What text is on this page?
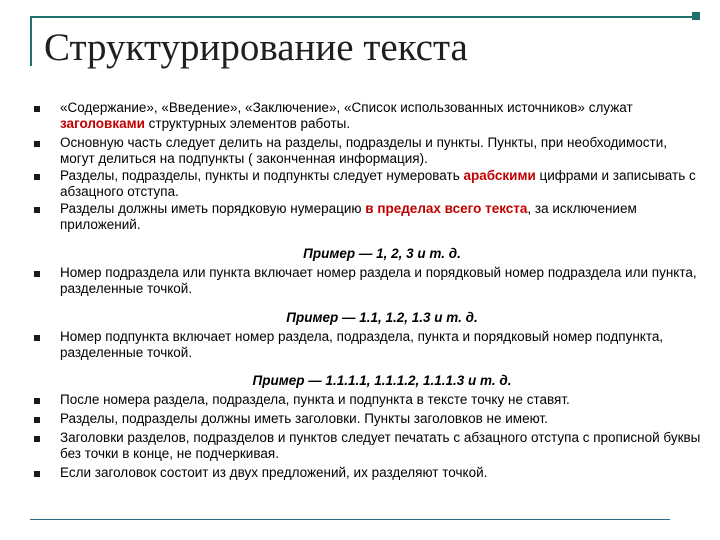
Структурирование текста
«Содержание», «Введение», «Заключение», «Список использованных источников» служат заголовками структурных элементов работы.
Основную часть следует делить на разделы, подразделы и пункты. Пункты, при необходимости, могут делиться на подпункты ( законченная информация).
Разделы, подразделы, пункты и подпункты следует нумеровать арабскими цифрами и записывать с абзацного отступа.
Разделы должны иметь порядковую нумерацию в пределах всего текста, за исключением приложений.
Пример — 1, 2, 3 и т. д.
Номер подраздела или пункта включает номер раздела и порядковый номер подраздела или пункта, разделенные точкой.
Пример — 1.1, 1.2, 1.3 и т. д.
Номер подпункта включает номер раздела, подраздела, пункта и порядковый номер подпункта, разделенные точкой.
Пример — 1.1.1.1, 1.1.1.2, 1.1.1.3 и т. д.
После номера раздела, подраздела, пункта и подпункта в тексте точку не ставят.
Разделы, подразделы должны иметь заголовки. Пункты заголовков не имеют.
Заголовки разделов, подразделов и пунктов следует печатать с абзацного отступа с прописной буквы без точки в конце, не подчеркивая.
Если заголовок состоит из двух предложений, их разделяют точкой.
